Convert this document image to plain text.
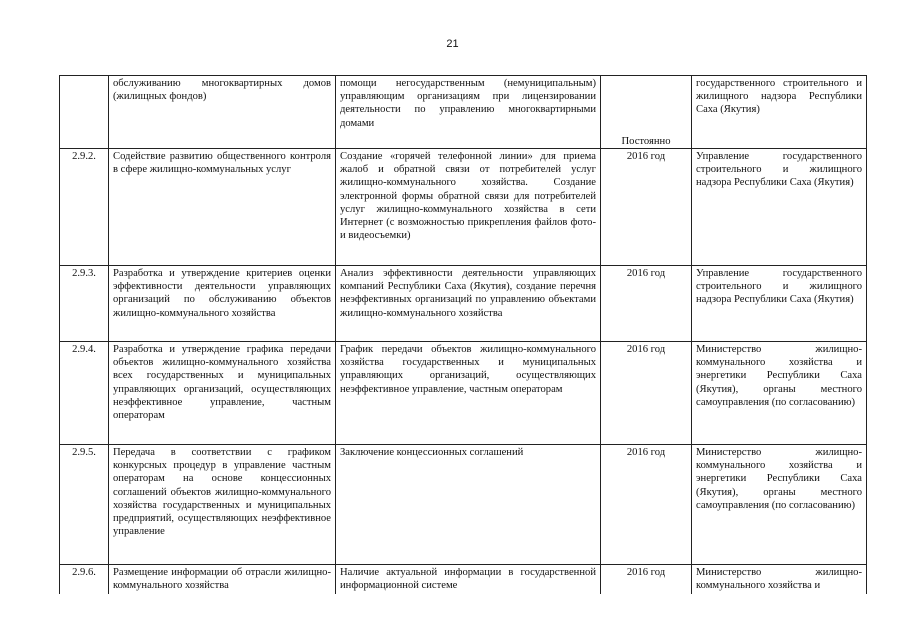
21
	обслуживанию многоквартирных домов (жилищных фондов)	помощи негосударственным (немуниципальным) управляющим организациям при лицензировании деятельности по управлению многоквартирными домами	Постоянно	государственного строительного и жилищного надзора Республики Саха (Якутия)
2.9.2.	Содействие развитию общественного контроля в сфере жилищно-коммунальных услуг	Создание «горячей телефонной линии» для приема жалоб и обратной связи от потребителей услуг жилищно-коммунального хозяйства. Создание электронной формы обратной связи для потребителей услуг жилищно-коммунального хозяйства в сети Интернет (с возможностью прикрепления файлов фото- и видеосъемки)	2016 год	Управление государственного строительного и жилищного надзора Республики Саха (Якутия)
2.9.3.	Разработка и утверждение критериев оценки эффективности деятельности управляющих организаций по обслуживанию объектов жилищно-коммунального хозяйства	Анализ эффективности деятельности управляющих компаний Республики Саха (Якутия), создание перечня неэффективных организаций по управлению объектами жилищно-коммунального хозяйства	2016 год	Управление государственного строительного и жилищного надзора Республики Саха (Якутия)
2.9.4.	Разработка и утверждение графика передачи объектов жилищно-коммунального хозяйства всех государственных и муниципальных управляющих организаций, осуществляющих неэффективное управление, частным операторам	График передачи объектов жилищно-коммунального хозяйства государственных и муниципальных управляющих организаций, осуществляющих неэффективное управление, частным операторам	2016 год	Министерство жилищно-коммунального хозяйства и энергетики Республики Саха (Якутия), органы местного самоуправления (по согласованию)
2.9.5.	Передача в соответствии с графиком конкурсных процедур в управление частным операторам на основе концессионных соглашений объектов жилищно-коммунального хозяйства государственных и муниципальных предприятий, осуществляющих неэффективное управление	Заключение концессионных соглашений	2016 год	Министерство жилищно-коммунального хозяйства и энергетики Республики Саха (Якутия), органы местного самоуправления (по согласованию)
2.9.6.	Размещение информации об отрасли жилищно-коммунального хозяйства	Наличие актуальной информации в государственной информационной системе	2016 год	Министерство жилищно-коммунального хозяйства и
